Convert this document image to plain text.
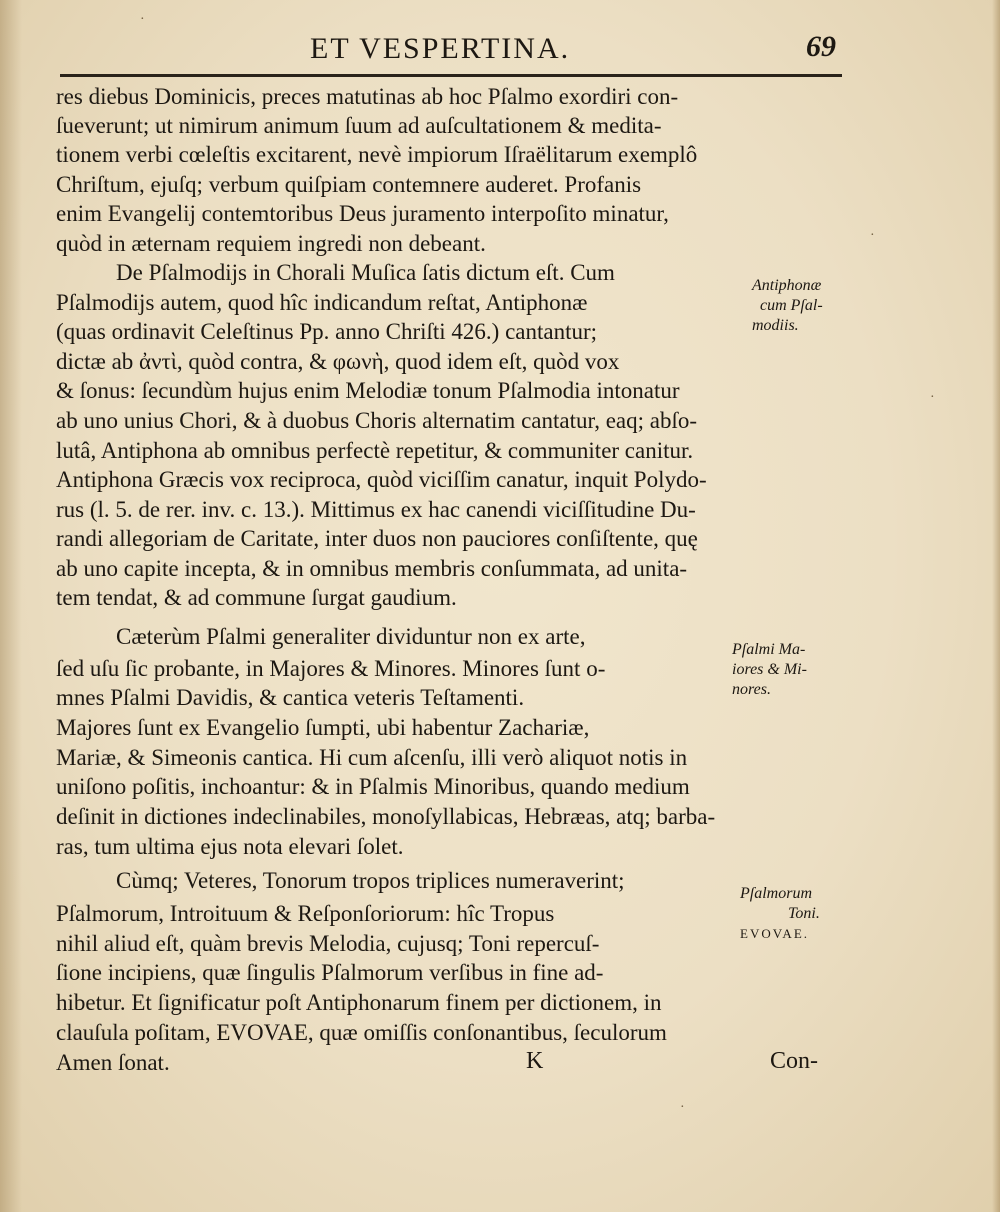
ET VESPERTINA.	69
res diebus Dominicis, preces matutinas ab hoc Pſalmo exordiri con-
ſueverunt; ut nimirum animum ſuum ad auſcultationem & medita-
tionem verbi cœleſtis excitarent, nevè impiorum Iſraëlitarum exemplô
Chriſtum, ejuſq; verbum quiſpiam contemnere auderet. Profanis
enim Evangelij contemtoribus Deus juramento interpoſito minatur,
quòd in æternam requiem ingredi non debeant.
De Pſalmodijs in Chorali Muſica ſatis dictum eſt. Cum
Pſalmodijs autem, quod hîc indicandum reſtat, Antiphonæ
(quas ordinavit Celeſtinus Pp. anno Chriſti 426.) cantantur;
dictæ ab ἀντὶ, quòd contra, & φωνὴ, quod idem eſt, quòd vox
& ſonus: ſecundùm hujus enim Melodiæ tonum Pſalmodia intonatur
ab uno unius Chori, & à duobus Choris alternatim cantatur, eaq; abſo-
lutâ, Antiphona ab omnibus perfectè repetitur, & communiter canitur.
Antiphona Græcis vox reciproca, quòd viciſſim canatur, inquit Polydo-
rus (l. 5. de rer. inv. c. 13.). Mittimus ex hac canendi viciſſitudine Du-
randi allegoriam de Caritate, inter duos non pauciores conſiſtente, quę
ab uno capite incepta, & in omnibus membris conſummata, ad unita-
tem tendat, & ad commune ſurgat gaudium.
Cæterùm Pſalmi generaliter dividuntur non ex arte,
ſed uſu ſic probante, in Majores & Minores. Minores ſunt o-
mnes Pſalmi Davidis, & cantica veteris Teſtamenti.
Majores ſunt ex Evangelio ſumpti, ubi habentur Zachariæ,
Mariæ, & Simeonis cantica. Hi cum aſcenſu, illi verò aliquot notis in
uniſono poſitis, inchoantur: & in Pſalmis Minoribus, quando medium
deſinit in dictiones indeclinabiles, monoſyllabicas, Hebræas, atq; barba-
ras, tum ultima ejus nota elevari ſolet.
Cùmq; Veteres, Tonorum tropos triplices numeraverint;
Pſalmorum, Introituum & Reſponſoriorum: hîc Tropus
nihil aliud eſt, quàm brevis Melodia, cujusq; Toni repercuſ-
ſione incipiens, quæ ſingulis Pſalmorum verſibus in fine ad-
hibetur. Et ſignificatur poſt Antiphonarum finem per dictionem, in
clauſula poſitam, EVOVAE, quæ omiſſis conſonantibus, ſeculorum
Amen ſonat.
Antiphonæ
cum Pſal-
modiis.
Pſalmi Ma-
iores & Mi-
nores.
Pſalmorum
Toni.
EVOVAE.
K	Con-
·
·
·
·
